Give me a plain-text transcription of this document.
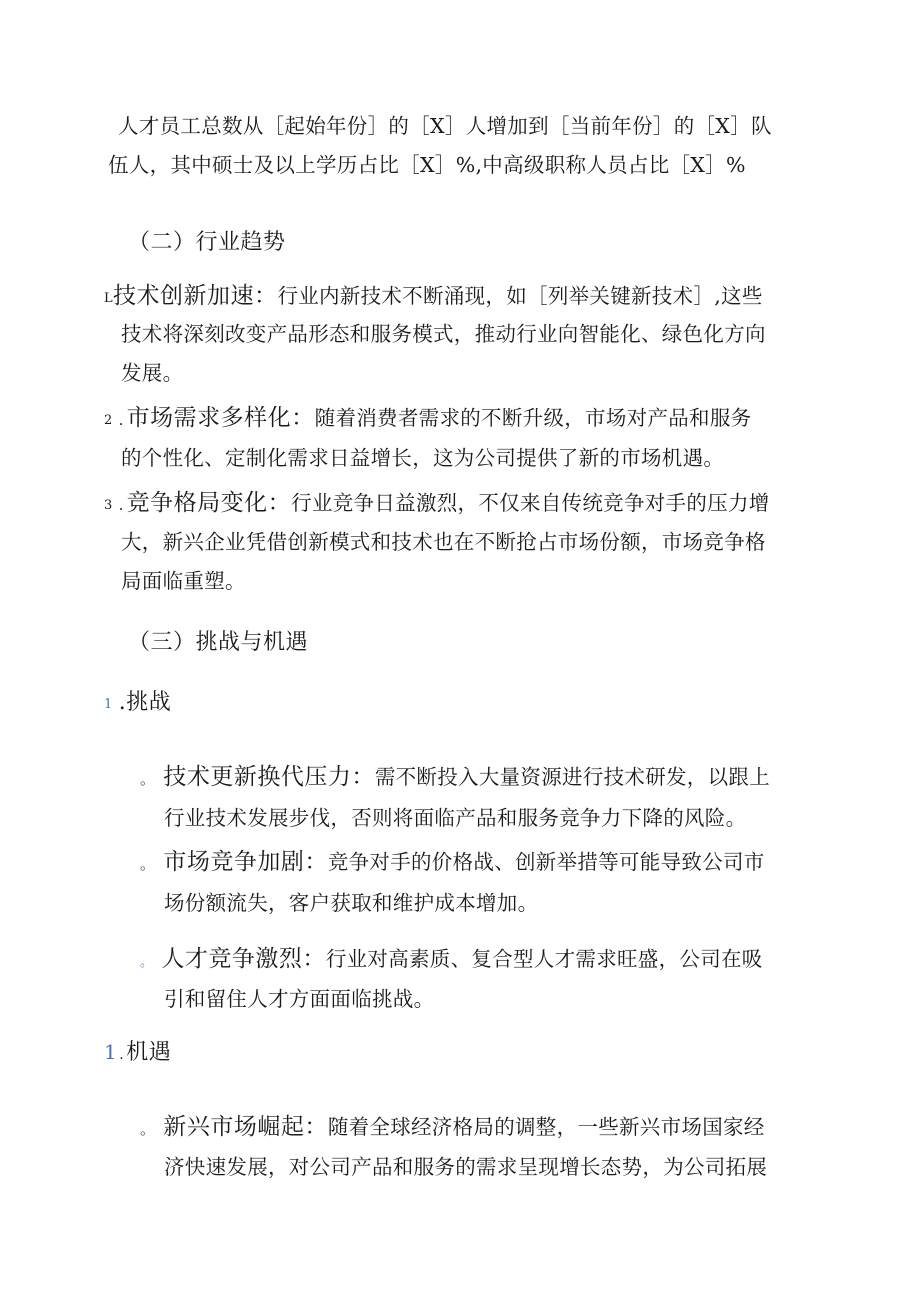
人才员工总数从［起始年份］的［X］人增加到［当前年份］的［X］队
伍人，其中硕士及以上学历占比［X］%,中高级职称人员占比［X］%
（二）行业趋势
L技术创新加速：行业内新技术不断涌现，如［列举关键新技术］,这些
技术将深刻改变产品形态和服务模式，推动行业向智能化、绿色化方向
发展。
2 . 市场需求多样化：随着消费者需求的不断升级，市场对产品和服务
的个性化、定制化需求日益增长，这为公司提供了新的市场机遇。
3 . 竞争格局变化：行业竞争日益激烈，不仅来自传统竞争对手的压力增
大，新兴企业凭借创新模式和技术也在不断抢占市场份额，市场竞争格
局面临重塑。
（三）挑战与机遇
1 .挑战
。 技术更新换代压力：需不断投入大量资源进行技术研发，以跟上
行业技术发展步伐，否则将面临产品和服务竞争力下降的风险。
。 市场竞争加剧：竞争对手的价格战、创新举措等可能导致公司市
场份额流失，客户获取和维护成本增加。
。 人才竞争激烈：行业对高素质、复合型人才需求旺盛，公司在吸
引和留住人才方面面临挑战。
1 .机遇
。 新兴市场崛起：随着全球经济格局的调整，一些新兴市场国家经
济快速发展，对公司产品和服务的需求呈现增长态势，为公司拓展
